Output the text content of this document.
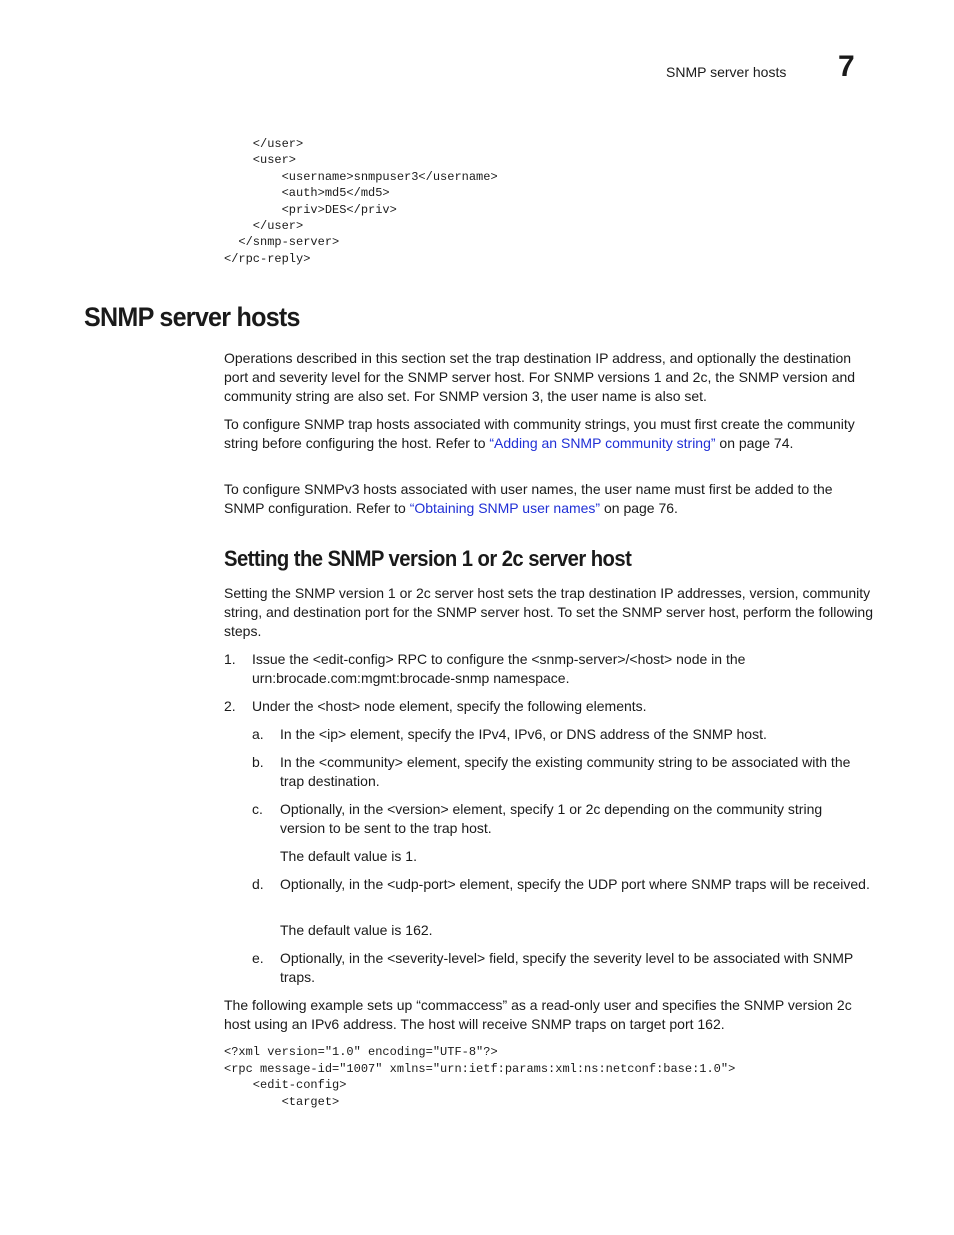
SNMP server hosts 7
</user>
<user>
<username>snmpuser3</username>
<auth>md5</md5>
<priv>DES</priv>
</user>
</snmp-server>
</rpc-reply>
SNMP server hosts

Operations described in this section set the trap destination IP address, and optionally the destination port and severity level for the SNMP server host. For SNMP versions 1 and 2c, the SNMP version and community string are also set. For SNMP version 3, the user name is also set.

To configure SNMP trap hosts associated with community strings, you must first create the community string before configuring the host. Refer to “Adding an SNMP community string” on page 74.

To configure SNMPv3 hosts associated with user names, the user name must first be added to the SNMP configuration. Refer to “Obtaining SNMP user names” on page 76.

Setting the SNMP version 1 or 2c server host

Setting the SNMP version 1 or 2c server host sets the trap destination IP addresses, version, community string, and destination port for the SNMP server host. To set the SNMP server host, perform the following steps.

1. Issue the <edit-config> RPC to configure the <snmp-server>/<host> node in the urn:brocade.com:mgmt:brocade-snmp namespace.

2. Under the <host> node element, specify the following elements.

a. In the <ip> element, specify the IPv4, IPv6, or DNS address of the SNMP host.

b. In the <community> element, specify the existing community string to be associated with the trap destination.

c. Optionally, in the <version> element, specify 1 or 2c depending on the community string version to be sent to the trap host.

The default value is 1.

d. Optionally, in the <udp-port> element, specify the UDP port where SNMP traps will be received.

The default value is 162.

e. Optionally, in the <severity-level> field, specify the severity level to be associated with SNMP traps.

The following example sets up “commaccess” as a read-only user and specifies the SNMP version 2c host using an IPv6 address. The host will receive SNMP traps on target port 162.

<?xml version="1.0" encoding="UTF-8"?>
<rpc message-id="1007" xmlns="urn:ietf:params:xml:ns:netconf:base:1.0">
<edit-config>
<target>
